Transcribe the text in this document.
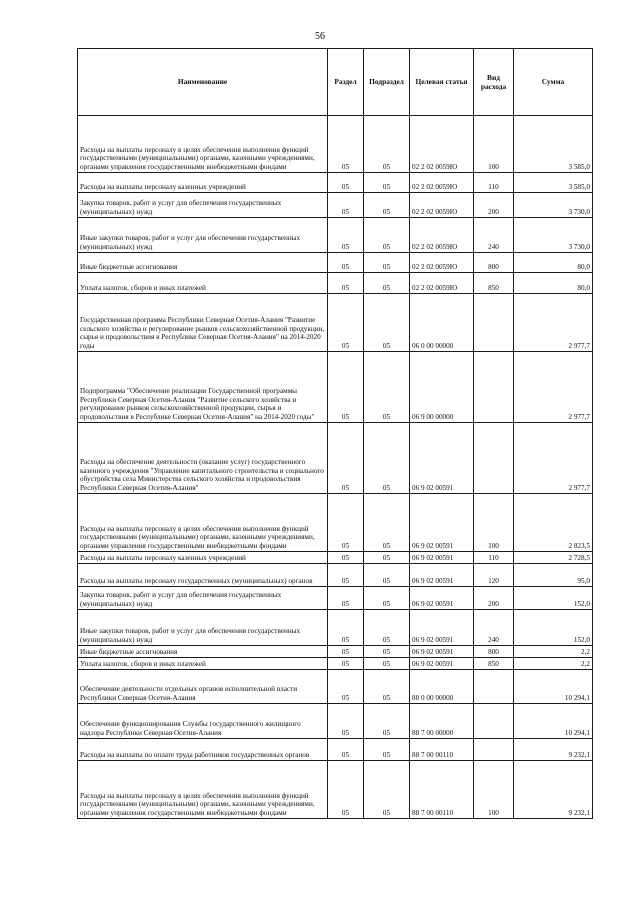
56
Наименование	Раздел	Подраздел	Целевая статья	Вид расхода	Сумма
Расходы на выплаты персоналу в целях обеспечения выполнения функций государственными (муниципальными) органами, казенными учреждениями, органами управления государственными внебюджетными фондами	05	05	02 2 02 0059Ю	100	3 585,0
Расходы на выплаты персоналу казенных учреждений	05	05	02 2 02 0059Ю	110	3 585,0
Закупка товаров, работ и услуг для обеспечения государственных (муниципальных) нужд	05	05	02 2 02 0059Ю	200	3 730,0
Иные закупки товаров, работ и услуг для обеспечения государственных (муниципальных) нужд	05	05	02 2 02 0059Ю	240	3 730,0
Иные бюджетные ассигнования	05	05	02 2 02 0059Ю	800	80,0
Уплата налогов, сборов и иных платежей	05	05	02 2 02 0059Ю	850	80,0
Государственная программа Республики Северная Осетия-Алания "Развитие сельского хозяйства и регулирование рынков сельскохозяйственной продукции, сырья и продовольствия в Республике Северная Осетия-Алания" на 2014-2020 годы	05	05	06 0 00 00000		2 977,7
Подпрограмма "Обеспечение реализации Государственной программы Республики Северная Осетия-Алания "Развитие сельского хозяйства и регулирование рынков сельскохозяйственной продукции, сырья и продовольствия в Республике Северная Осетия-Алания" на 2014-2020 годы"	05	05	06 9 00 00000		2 977,7
Расходы на обеспечение деятельности (оказание услуг) государственного казенного учреждения "Управление капитального строительства и социального обустройства села Министерства сельского хозяйства и продовольствия Республики Северная Осетия-Алания"	05	05	06 9 02 00591		2 977,7
Расходы на выплаты персоналу в целях обеспечения выполнения функций государственными (муниципальными) органами, казенными учреждениями, органами управления государственными внебюджетными фондами	05	05	06 9 02 00591	100	2 823,5
Расходы на выплаты персоналу казенных учреждений	05	05	06 9 02 00591	110	2 728,5
Расходы на выплаты персоналу государственных (муниципальных) органов	05	05	06 9 02 00591	120	95,0
Закупка товаров, работ и услуг для обеспечения государственных (муниципальных) нужд	05	05	06 9 02 00591	200	152,0
Иные закупки товаров, работ и услуг для обеспечения государственных (муниципальных) нужд	05	05	06 9 02 00591	240	152,0
Иные бюджетные ассигнования	05	05	06 9 02 00591	800	2,2
Уплата налогов, сборов и иных платежей	05	05	06 9 02 00591	850	2,2
Обеспечение деятельности отдельных органов исполнительной власти Республики Северная Осетия-Алания	05	05	88 0 00 00000		10 294,1
Обеспечение функционирования Службы государственного жилищного надзора Республики Северная Осетия-Алания	05	05	88 7 00 00000		10 294,1
Расходы на выплаты по оплате труда работников государственных органов	05	05	88 7 00 00110		9 232,1
Расходы на выплаты персоналу в целях обеспечения выполнения функций государственными (муниципальными) органами, казенными учреждениями, органами управления государственными внебюджетными фондами	05	05	88 7 00 00110	100	9 232,1
